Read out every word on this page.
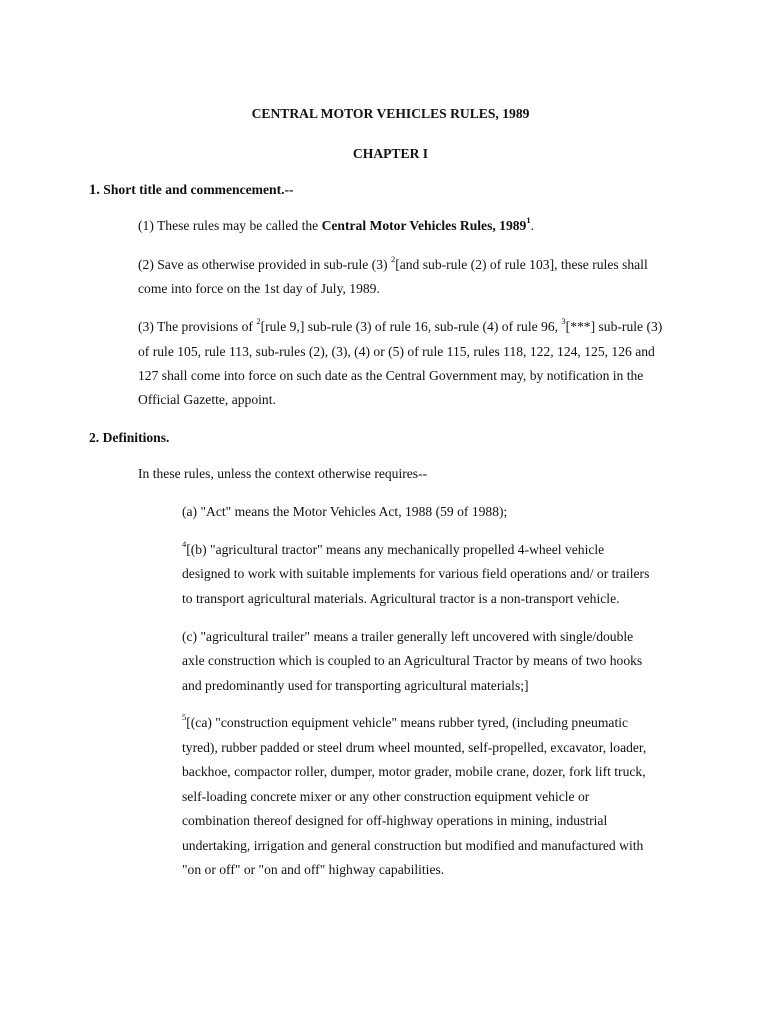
CENTRAL MOTOR VEHICLES RULES, 1989
CHAPTER I
1. Short title and commencement.--
(1) These rules may be called the Central Motor Vehicles Rules, 1989$^1$.
(2) Save as otherwise provided in sub-rule (3) $^2$[and sub-rule (2) of rule 103], these rules shall
come into force on the 1st day of July, 1989.
(3) The provisions of $^2$[rule 9,] sub-rule (3) of rule 16, sub-rule (4) of rule 96, $^3$[***] sub-rule (3)
of rule 105, rule 113, sub-rules (2), (3), (4) or (5) of rule 115, rules 118, 122, 124, 125, 126 and
127 shall come into force on such date as the Central Government may, by notification in the
Official Gazette, appoint.
2. Definitions.
In these rules, unless the context otherwise requires--
(a) "Act" means the Motor Vehicles Act, 1988 (59 of 1988);
$^4$[(b) "agricultural tractor" means any mechanically propelled 4-wheel vehicle
designed to work with suitable implements for various field operations and/ or trailers
to transport agricultural materials. Agricultural tractor is a non-transport vehicle.
(c) "agricultural trailer" means a trailer generally left uncovered with single/double
axle construction which is coupled to an Agricultural Tractor by means of two hooks
and predominantly used for transporting agricultural materials;]
$^5$[(ca) "construction equipment vehicle" means rubber tyred, (including pneumatic
tyred), rubber padded or steel drum wheel mounted, self-propelled, excavator, loader,
backhoe, compactor roller, dumper, motor grader, mobile crane, dozer, fork lift truck,
self-loading concrete mixer or any other construction equipment vehicle or
combination thereof designed for off-highway operations in mining, industrial
undertaking, irrigation and general construction but modified and manufactured with
"on or off" or "on and off" highway capabilities.
